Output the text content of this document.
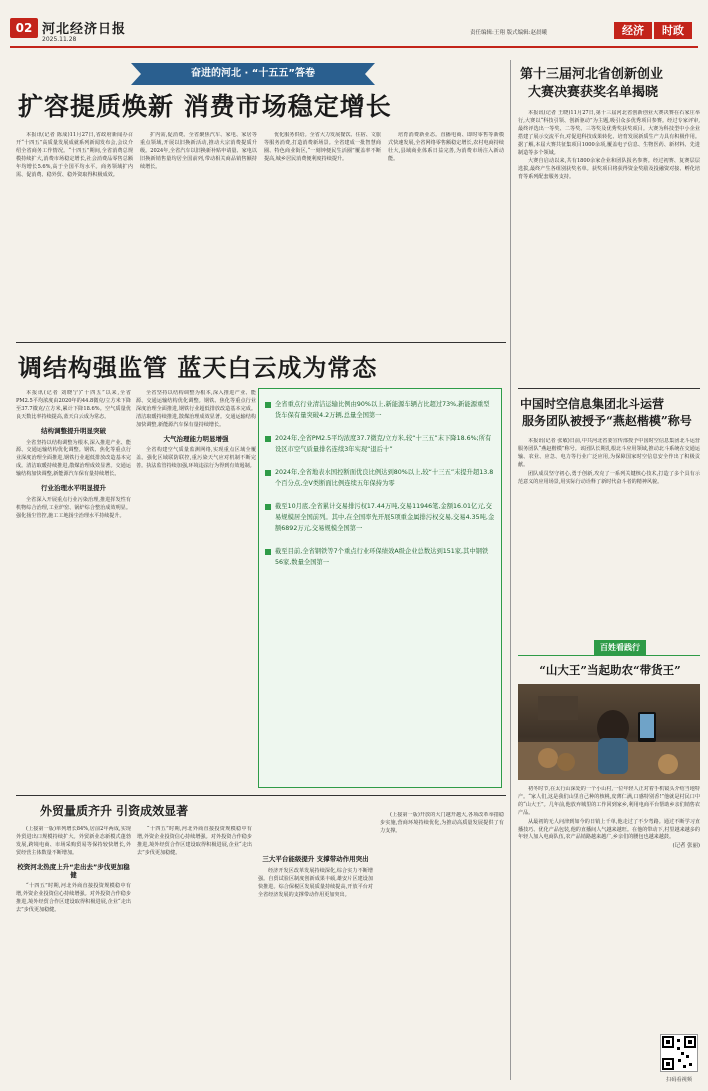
02 河北经济日报
2025.11.28
责任编辑:王翔 版式编辑:赵晨曦	经济	时政
奋进的河北 · “十五五”答卷
扩容提质焕新 消费市场稳定增长

本报讯(记者 陈成)11月27日,省政府新闻办召开“十四五”高质量发展成就系列新闻发布会,会议介绍全省商务工作情况。“十四五”期间,全省消费总规模持续扩大,消费市场稳定增长,社会消费品零售总额年均增长5.6%,高于全国平均水平。商务领域扩内需、促消费、稳外贸、稳外资取得积极成效。

扩内需,促消费。全省聚焦汽车、家电、家居等重点领域,开展以旧换新活动,推动大宗消费提质升级。2024年,全省汽车以旧换新补贴申请量、家电以旧换新销售量均居全国前列,带动相关商品销售额持续增长。

优化服务供给。全省大力发展餐饮、住宿、文旅等服务消费,打造消费新场景。全省建成一批智慧商圈、特色商业街区,“一刻钟便民生活圈”覆盖率不断提高,城乡居民消费便利度持续提升。

培育消费新业态。直播电商、即时零售等新模式快速发展,全省网络零售额稳定增长,农村电商持续壮大,县域商业体系日益完善,为消费市场注入新动能。

调结构强监管 蓝天白云成为常态

本报讯(记者 刘晓宁)“十四五”以来,全省PM2.5平均浓度由2020年的44.8微克/立方米下降至37.7微克/立方米,累计下降18.6%。空气质量优良天数比率持续提高,蓝天白云成为常态。

结构调整提升明显突破

全省坚持以结构调整为根本,深入推进产业、能源、交通运输结构优化调整。钢铁、焦化等重点行业深度治理全面推进,钢铁行业超低排放改造基本完成。清洁取暖持续推进,散煤治理成效显著。交通运输结构加快调整,新能源汽车保有量持续增长。

行业治理水平明显提升

全省深入开展重点行业污染治理,推进挥发性有机物综合治理,工业炉窑、锅炉综合整治成效明显。强化扬尘管控,施工工地扬尘治理水平持续提升。

全省坚持以结构调整为根本,深入推进产业、能源、交通运输结构优化调整。钢铁、焦化等重点行业深度治理全面推进,钢铁行业超低排放改造基本完成。清洁取暖持续推进,散煤治理成效显著。交通运输结构加快调整,新能源汽车保有量持续增长。

大气治理能力明显增强

全省构建空气质量监测网络,实现重点区域全覆盖。强化区域联防联控,重污染天气应对机制不断完善。执法监管持续加强,环境违法行为得到有效遏制。

全省重点行业清洁运输比例由90%以上,新能源车辆占比超过73%,新能源重型货车保有量突破4.2万辆,总量全国第一
2024年,全省PM2.5平均浓度37.7微克/立方米,较“十三五”末下降18.6%;所有设区市空气质量排名连续3年实现“退后十”
2024年,全省地表水国控断面优良比例达到80%以上,较“十三五”末提升超13.8个百分点,全V类断面比例连续五年保持为零
截至10月底,全省累计交易排污权17.44万吨,交易11946笔,金额16.01亿元,交易规模居全国前列。其中,在全国率先开展5项重金属排污权交易,交易4.35吨,金额6892万元,交易规模全国第一
截至目前,全省钢铁等7个重点行业环保绩效A级企业总数达到151家,其中钢铁56家,数量全国第一
外贸量质齐升 引资成效显著

(上接第一版)单列增长84%,居前2年两成,实现外贸进出口规模持续扩大。外贸新业态新模式蓬勃发展,跨境电商、市场采购贸易等保持较快增长,外贸经营主体数量不断增加。

校资河北热度上升“走出去”步伐更加稳健

“十四五”时期,河北外商直接投资规模稳中有增,外资企业投资信心持续增强。对外投资合作稳步推进,境外经贸合作区建设取得积极进展,企业“走出去”步伐更加稳健。

“十四五”时期,河北外商直接投资规模稳中有增,外资企业投资信心持续增强。对外投资合作稳步推进,境外经贸合作区建设取得积极进展,企业“走出去”步伐更加稳健。

三大平台能级提升 支撑带动作用突出

经济开发区改革发展持续深化,综合实力不断增强。自贸试验区制度创新成果丰硕,雄安片区建设加快推进。综合保税区发展质量持续提高,开放平台对全省经济发展的支撑带动作用更加突出。

(上接第一版)开放的大门越开越大,各项改革举措稳步实施,营商环境持续优化,为推动高质量发展提供了有力支撑。

第十三届河北省创新创业
大赛决赛获奖名单揭晓

本报讯(记者 王晓)11月27日,第十三届河北省创新创业大赛决赛在石家庄举行,大赛以“科技引领、创新驱动”为主题,吸引众多优秀项目参赛。经过专家评审,最终评选出一等奖、二等奖、三等奖及优秀奖获奖项目。大赛为科技型中小企业搭建了展示交流平台,对促进科技成果转化、培育发展新质生产力具有积极作用。据了解,本届大赛共征集项目1000余项,覆盖电子信息、生物医药、新材料、先进制造等多个领域。

大赛自启动以来,共有1800余家企业和团队报名参赛。经过初赛、复赛层层选拔,最终产生各组别获奖名单。获奖项目将获得资金奖励及投融资对接、孵化培育等系列配套服务支持。

中国时空信息集团北斗运营
服务团队被授予“燕赵楷模”称号

本报讯(记者 张敏)日前,中共河北省委宣传部授予中国时空信息集团北斗运营服务团队“燕赵楷模”称号。该团队长期扎根北斗应用领域,推动北斗系统在交通运输、农业、应急、电力等行业广泛应用,为保障国家时空信息安全作出了积极贡献。

团队成员坚守初心,勇于创新,攻克了一系列关键核心技术,打造了多个具有示范意义的应用场景,用实际行动诠释了新时代奋斗者的精神风貌。

百姓看践行
“山大王”当起助农“带货王”

初冬时节,在太行山深处的一个小山村,一位年轻人正对着手机镜头介绍当地特产。“家人们,这是我们山里自己种的核桃,皮薄仁满,口感特别香!”他就是村民口中的“山大王”。几年前,他放弃城里的工作回到家乡,利用电商平台帮助乡亲们销售农产品。

从最初的无人问津到如今的日销上千单,他走过了不少弯路。通过不断学习直播技巧、优化产品包装,他的直播间人气越来越旺。在他的带动下,村里越来越多的年轻人加入电商队伍,农产品销路越来越广,乡亲们的腰包也越来越鼓。

(记者 张丽)
扫码看视频
